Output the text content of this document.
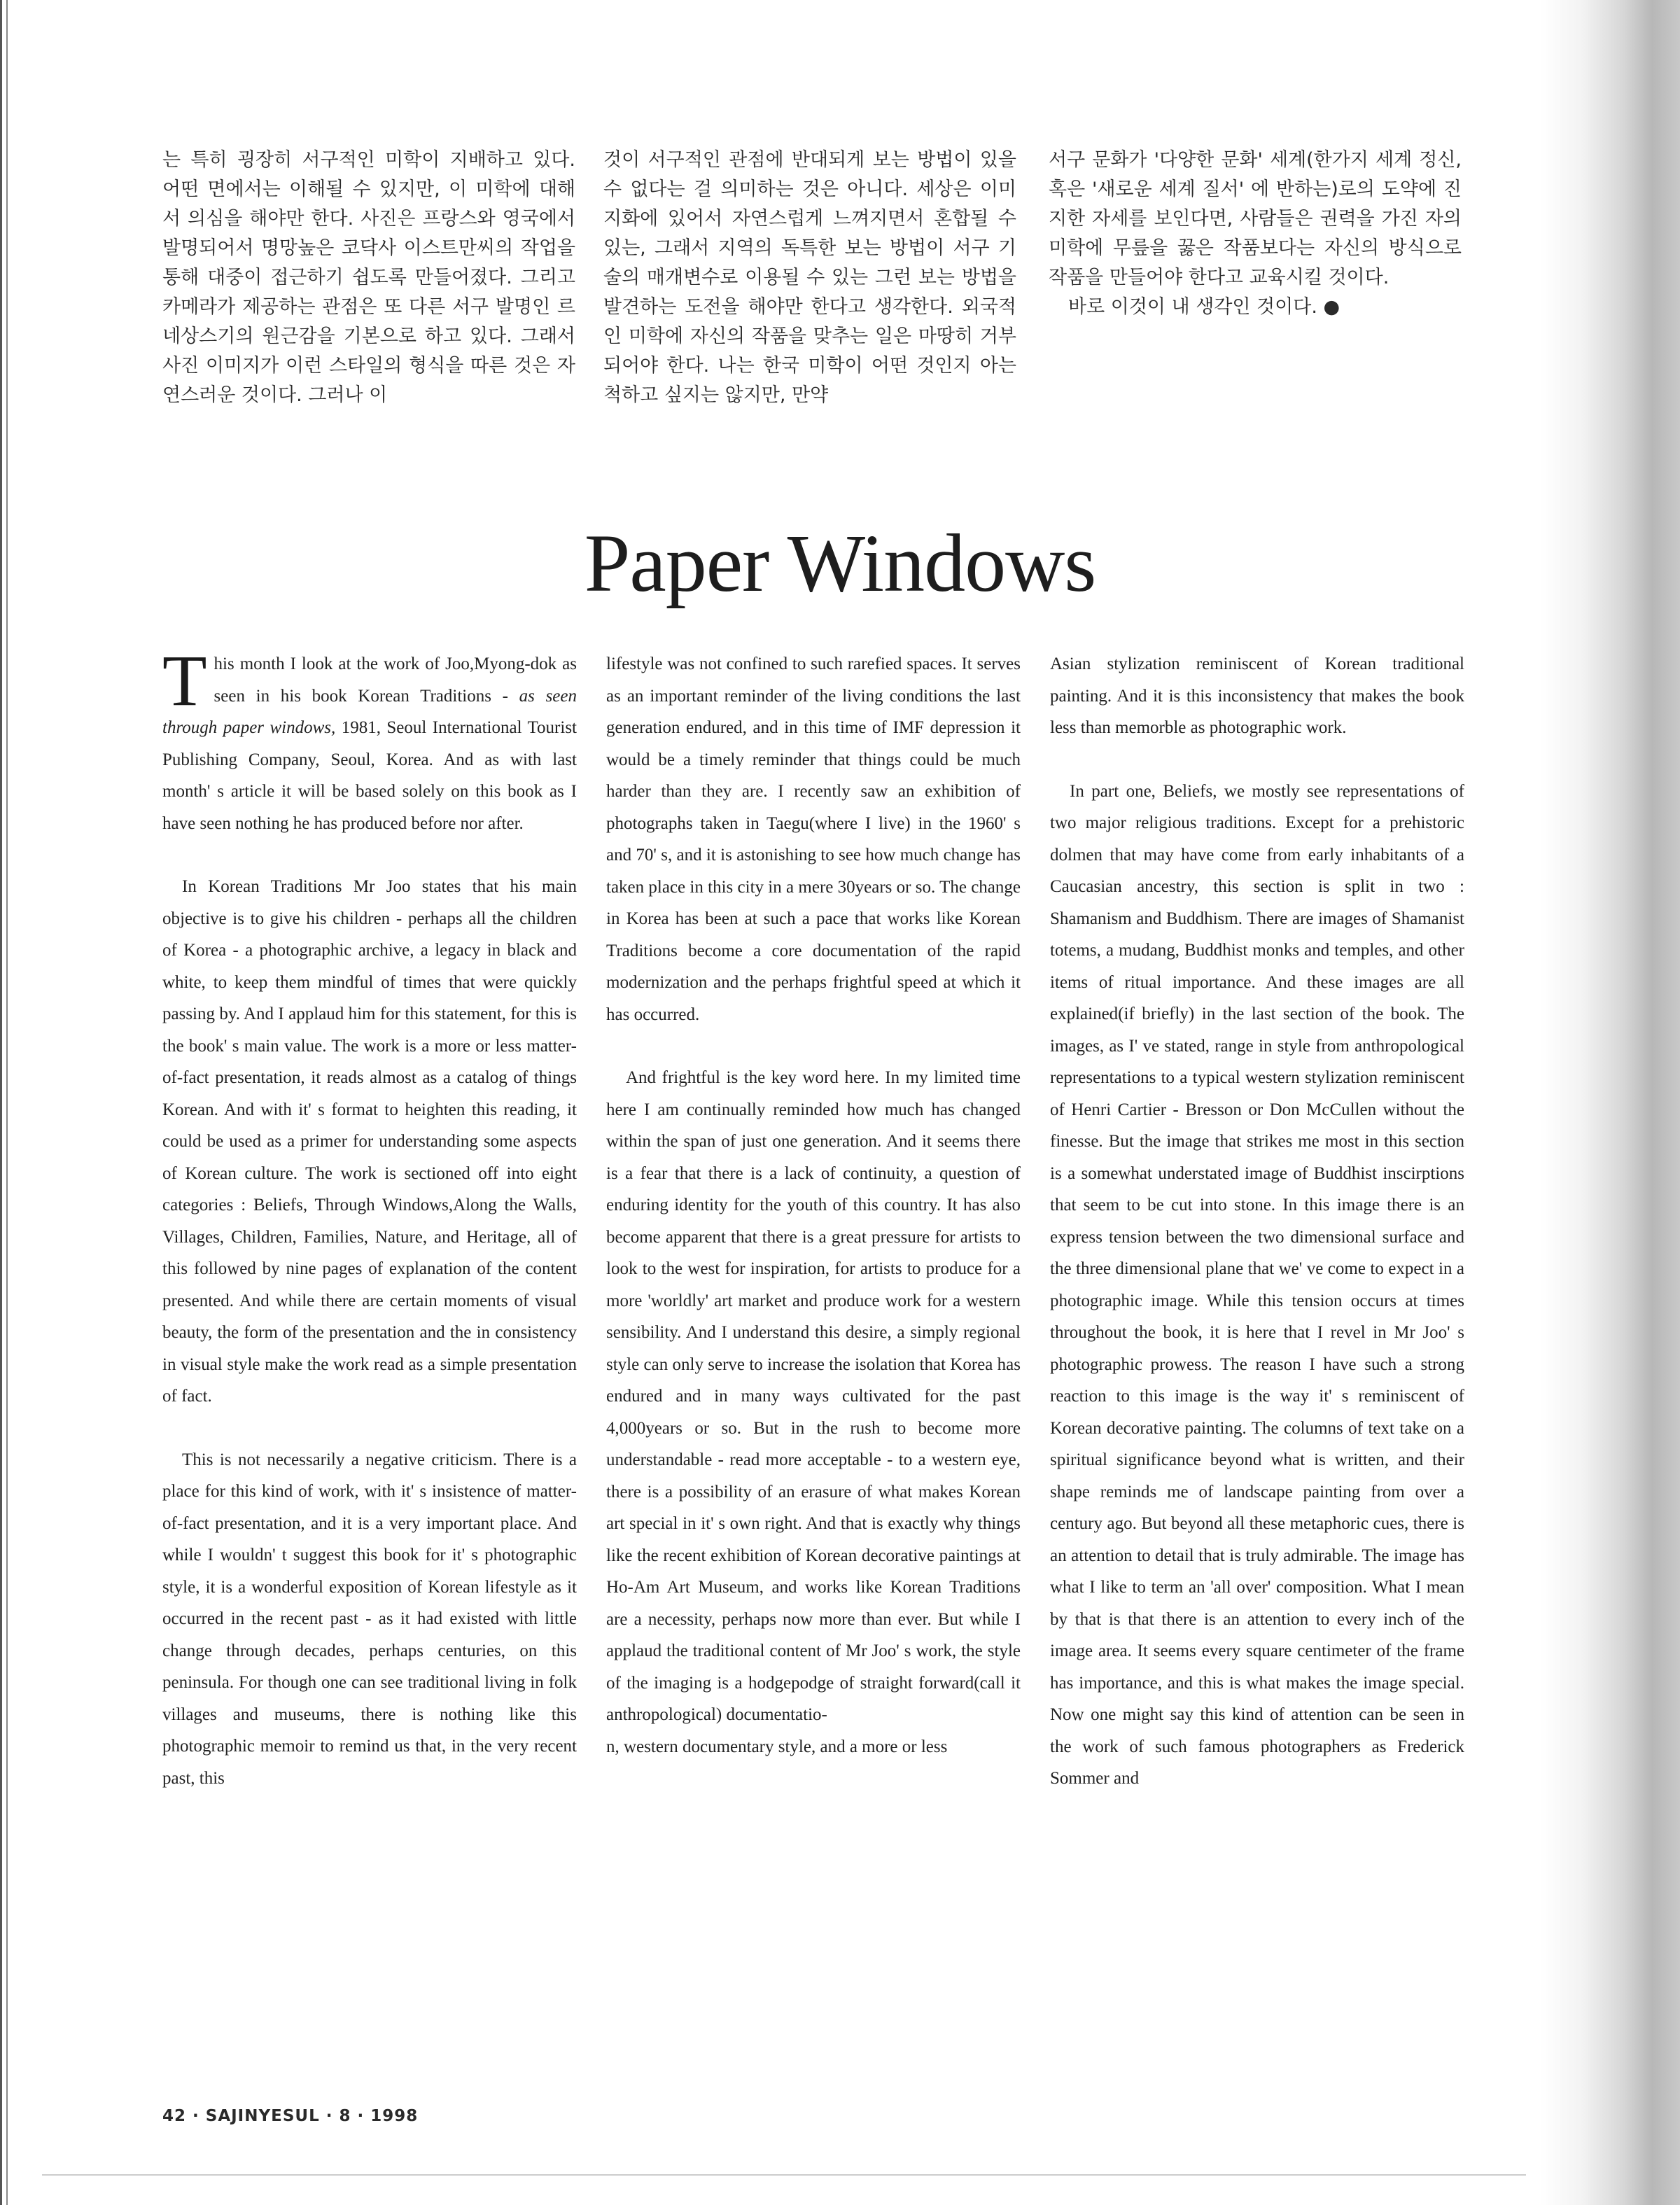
는 특히 굉장히 서구적인 미학이 지배하고 있다. 어떤 면에서는 이해될 수 있지만, 이 미학에 대해서 의심을 해야만 한다. 사진은 프랑스와 영국에서 발명되어서 명망높은 코닥사 이스트만씨의 작업을 통해 대중이 접근하기 쉽도록 만들어졌다. 그리고 카메라가 제공하는 관점은 또 다른 서구 발명인 르네상스기의 원근감을 기본으로 하고 있다. 그래서 사진 이미지가 이런 스타일의 형식을 따른 것은 자연스러운 것이다. 그러나 이

것이 서구적인 관점에 반대되게 보는 방법이 있을 수 없다는 걸 의미하는 것은 아니다. 세상은 이미지화에 있어서 자연스럽게 느껴지면서 혼합될 수 있는, 그래서 지역의 독특한 보는 방법이 서구 기술의 매개변수로 이용될 수 있는 그런 보는 방법을 발견하는 도전을 해야만 한다고 생각한다. 외국적인 미학에 자신의 작품을 맞추는 일은 마땅히 거부되어야 한다. 나는 한국 미학이 어떤 것인지 아는 척하고 싶지는 않지만, 만약

서구 문화가 '다양한 문화' 세계(한가지 세계 정신, 혹은 '새로운 세계 질서' 에 반하는)로의 도약에 진지한 자세를 보인다면, 사람들은 권력을 가진 자의 미학에 무릎을 꿇은 작품보다는 자신의 방식으로 작품을 만들어야 한다고 교육시킬 것이다.

바로 이것이 내 생각인 것이다. ●

Paper Windows

This month I look at the work of Joo,Myong-dok as seen in his book Korean Traditions - as seen through paper windows, 1981, Seoul International Tourist Publishing Company, Seoul, Korea. And as with last month' s article it will be based solely on this book as I have seen nothing he has produced before nor after.

In Korean Traditions Mr Joo states that his main objective is to give his children - perhaps all the children of Korea - a photographic archive, a legacy in black and white, to keep them mindful of times that were quickly passing by. And I applaud him for this statement, for this is the book' s main value. The work is a more or less matter-of-fact presentation, it reads almost as a catalog of things Korean. And with it' s format to heighten this reading, it could be used as a primer for understanding some aspects of Korean culture. The work is sectioned off into eight categories : Beliefs, Through Windows,Along the Walls, Villages, Children, Families, Nature, and Heritage, all of this followed by nine pages of explanation of the content presented. And while there are certain moments of visual beauty, the form of the presentation and the in consistency in visual style make the work read as a simple presentation of fact.

This is not necessarily a negative criticism. There is a place for this kind of work, with it' s insistence of matter-of-fact presentation, and it is a very important place. And while I wouldn' t suggest this book for it' s photographic style, it is a wonderful exposition of Korean lifestyle as it occurred in the recent past - as it had existed with little change through decades, perhaps centuries, on this peninsula. For though one can see traditional living in folk villages and museums, there is nothing like this photographic memoir to remind us that, in the very recent past, this

lifestyle was not confined to such rarefied spaces. It serves as an important reminder of the living conditions the last generation endured, and in this time of IMF depression it would be a timely reminder that things could be much harder than they are. I recently saw an exhibition of photographs taken in Taegu(where I live) in the 1960' s and 70' s, and it is astonishing to see how much change has taken place in this city in a mere 30years or so. The change in Korea has been at such a pace that works like Korean Traditions become a core documentation of the rapid modernization and the perhaps frightful speed at which it has occurred.

And frightful is the key word here. In my limited time here I am continually reminded how much has changed within the span of just one generation. And it seems there is a fear that there is a lack of continuity, a question of enduring identity for the youth of this country. It has also become apparent that there is a great pressure for artists to look to the west for inspiration, for artists to produce for a more 'worldly' art market and produce work for a western sensibility. And I understand this desire, a simply regional style can only serve to increase the isolation that Korea has endured and in many ways cultivated for the past 4,000years or so. But in the rush to become more understandable - read more acceptable - to a western eye, there is a possibility of an erasure of what makes Korean art special in it' s own right. And that is exactly why things like the recent exhibition of Korean decorative paintings at Ho-Am Art Museum, and works like Korean Traditions are a necessity, perhaps now more than ever. But while I applaud the traditional content of Mr Joo' s work, the style of the imaging is a hodgepodge of straight forward(call it anthropological) documentatio-

n, western documentary style, and a more or less

Asian stylization reminiscent of Korean traditional painting. And it is this inconsistency that makes the book less than memorble as photographic work.

In part one, Beliefs, we mostly see representations of two major religious traditions. Except for a prehistoric dolmen that may have come from early inhabitants of a Caucasian ancestry, this section is split in two : Shamanism and Buddhism. There are images of Shamanist totems, a mudang, Buddhist monks and temples, and other items of ritual importance. And these images are all explained(if briefly) in the last section of the book. The images, as I' ve stated, range in style from anthropological representations to a typical western stylization reminiscent of Henri Cartier - Bresson or Don McCullen without the finesse. But the image that strikes me most in this section is a somewhat understated image of Buddhist inscirptions that seem to be cut into stone. In this image there is an express tension between the two dimensional surface and the three dimensional plane that we' ve come to expect in a photographic image. While this tension occurs at times throughout the book, it is here that I revel in Mr Joo' s photographic prowess. The reason I have such a strong reaction to this image is the way it' s reminiscent of Korean decorative painting. The columns of text take on a spiritual significance beyond what is written, and their shape reminds me of landscape painting from over a century ago. But beyond all these metaphoric cues, there is an attention to detail that is truly admirable. The image has what I like to term an 'all over' composition. What I mean by that is that there is an attention to every inch of the image area. It seems every square centimeter of the frame has importance, and this is what makes the image special. Now one might say this kind of attention can be seen in the work of such famous photographers as Frederick Sommer and

42 · SAJINYESUL · 8 · 1998
